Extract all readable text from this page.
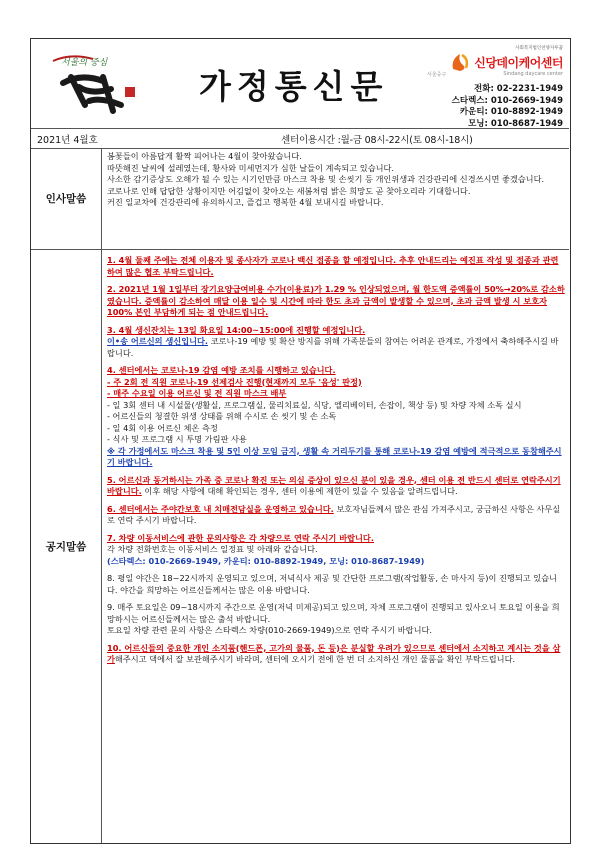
서울의 중심
가정통신문
사회복지법인찬양자루꿈
신당데이케어센터
서울중구	Sindang daycare center
전화: 02-2231-1949
스타렉스: 010-2669-1949
카운티: 010-8892-1949
모닝: 010-8687-1949
2021년 4월호	센터이용시간 :월-금 08시-22시(토 08시-18시)
인사말씀

봄꽃들이 아름답게 활짝 피어나는 4월이 찾아왔습니다.

따뜻해진 날씨에 설레였는데, 황사와 미세먼지가 심한 날들이 계속되고 있습니다.

사소한 감기증상도 오해가 될 수 있는 시기인만큼 마스크 착용 및 손씻기 등 개인위생과 건강관리에 신경쓰시면 좋겠습니다.

코로나로 인해 답답한 상황이지만 어김없이 찾아오는 새봄처럼 밝은 희망도 곧 찾아오리라 기대합니다.

커진 일교차에 건강관리에 유의하시고, 즐겁고 행복한 4월 보내시길 바랍니다.

공지말씀
1. 4월 둘째 주에는 전체 이용자 및 종사자가 코로나 백신 접종을 할 예정입니다. 추후 안내드리는 예진표 작성 및 접종과 관련하여 많은 협조 부탁드립니다.
2. 2021년 1월 1일부터 장기요양급여비용 수가(이용료)가 1.29 % 인상되었으며, 월 한도액 증액률이 50%→20%로 감소하였습니다. 증액률이 감소하여 매달 이용 일수 및 시간에 따라 한도 초과 금액이 발생할 수 있으며, 초과 금액 발생 시 보호자 100% 본인 부담하게 되는 점 안내드립니다.
3. 4월 생신잔치는 13일 화요일 14:00~15:00에 진행할 예정입니다.
이•송 어르신의 생신입니다. 코로나-19 예방 및 확산 방지를 위해 가족분들의 참여는 어려운 관계로, 가정에서 축하해주시길 바랍니다.
4. 센터에서는 코로나-19 감염 예방 조치를 시행하고 있습니다.
- 주 2회 전 직원 코로나-19 선제검사 진행(현재까지 모두 '음성' 판정)
- 매주 수요일 이용 어르신 및 전 직원 마스크 배부
- 일 3회 센터 내 시설물(생활실, 프로그램실, 물리치료실, 식당, 엘리베이터, 손잡이, 책상 등) 및 차량 자체 소독 실시
- 어르신들의 청결한 위생 상태를 위해 수시로 손 씻기 및 손 소독
- 일 4회 이용 어르신 체온 측정
- 식사 및 프로그램 시 투명 가림판 사용
※ 각 가정에서도 마스크 착용 및 5인 이상 모임 금지, 생활 속 거리두기를 통해 코로나-19 감염 예방에 적극적으로 동참해주시기 바랍니다.
5. 어르신과 동거하시는 가족 중 코로나 확진 또는 의심 증상이 있으신 분이 있을 경우, 센터 이용 전 반드시 센터로 연락주시기 바랍니다. 이후 해당 사항에 대해 확인되는 경우, 센터 이용에 제한이 있을 수 있음을 알려드립니다.
6. 센터에서는 주야간보호 내 치매전담실을 운영하고 있습니다. 보호자님들께서 많은 관심 가져주시고, 궁금하신 사항은 사무실로 연락 주시기 바랍니다.
7. 차량 이동서비스에 관한 문의사항은 각 차량으로 연락 주시기 바랍니다.
각 차량 전화번호는 이동서비스 일정표 및 아래와 같습니다.
(스타렉스: 010-2669-1949, 카운티: 010-8892-1949, 모닝: 010-8687-1949)
8. 평일 야간은 18~22시까지 운영되고 있으며, 저녁식사 제공 및 간단한 프로그램(작업활동, 손 마사지 등)이 진행되고 있습니다. 야간을 희망하는 어르신들께서는 많은 이용 바랍니다.
9. 매주 토요일은 09~18시까지 주간으로 운영(저녁 미제공)되고 있으며, 자체 프로그램이 진행되고 있사오니 토요일 이용을 희망하시는 어르신들께서는 많은 출석 바랍니다.
토요일 차량 관련 문의 사항은 스타렉스 차량(010-2669-1949)으로 연락 주시기 바랍니다.
10. 어르신들의 중요한 개인 소지품(핸드폰, 고가의 물품, 돈 등)은 분실할 우려가 있으므로 센터에서 소지하고 계시는 것을 삼가해주시고 댁에서 잘 보관해주시기 바라며, 센터에 오시기 전에 한 번 더 소지하신 개인 물품을 확인 부탁드립니다.
